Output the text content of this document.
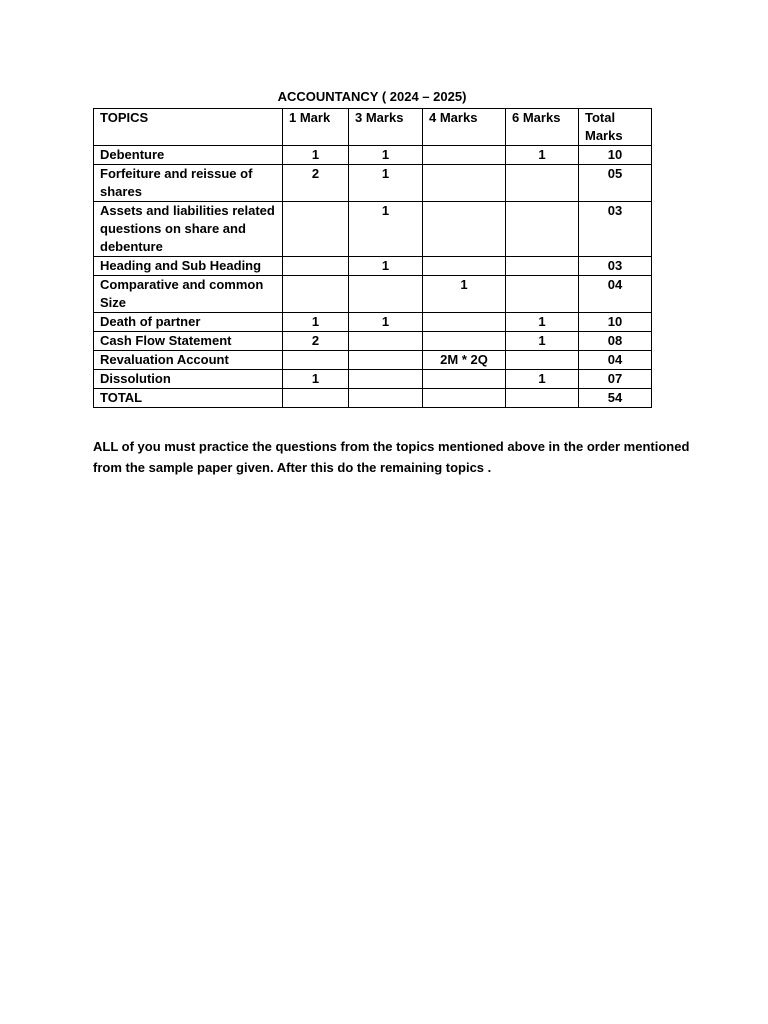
ACCOUNTANCY ( 2024 – 2025)
TOPICS	1 Mark	3 Marks	4 Marks	6 Marks	Total Marks
Debenture	1	1		1	10
Forfeiture and reissue of shares	2	1			05
Assets and liabilities related questions on share and debenture		1			03
Heading and Sub Heading		1			03
Comparative and common Size			1		04
Death of partner	1	1		1	10
Cash Flow Statement	2			1	08
Revaluation Account			2M * 2Q		04
Dissolution	1			1	07
TOTAL					54
ALL of you must practice the questions from the topics mentioned above in the order mentioned from the sample paper given. After this do the remaining topics .
